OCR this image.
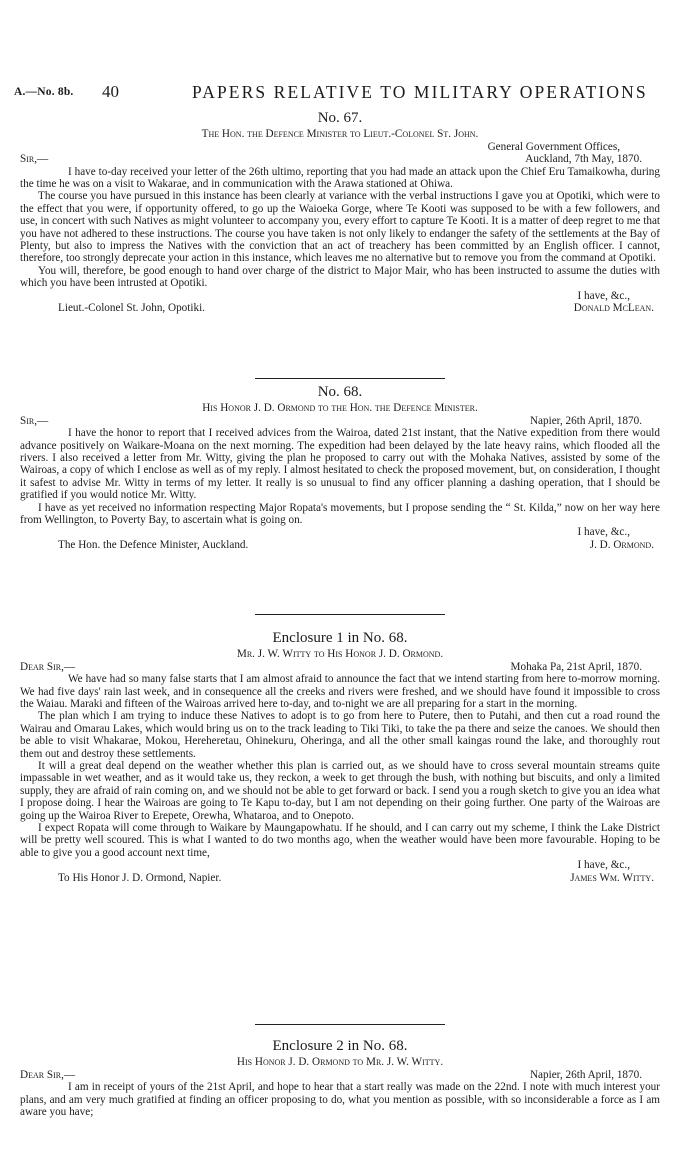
A.—No. 8b. 40	PAPERS RELATIVE TO MILITARY OPERATIONS
No. 67.
The Hon. the Defence Minister to Lieut.-Colonel St. John.
General Government Offices,
Sir,—	Auckland, 7th May, 1870.

I have to-day received your letter of the 26th ultimo, reporting that you had made an attack upon the Chief Eru Tamaikowha, during the time he was on a visit to Wakarae, and in communication with the Arawa stationed at Ohiwa.

The course you have pursued in this instance has been clearly at variance with the verbal instructions I gave you at Opotiki, which were to the effect that you were, if opportunity offered, to go up the Waioeka Gorge, where Te Kooti was supposed to be with a few followers, and use, in concert with such Natives as might volunteer to accompany you, every effort to capture Te Kooti. It is a matter of deep regret to me that you have not adhered to these instructions. The course you have taken is not only likely to endanger the safety of the settlements at the Bay of Plenty, but also to impress the Natives with the conviction that an act of treachery has been committed by an English officer. I cannot, therefore, too strongly deprecate your action in this instance, which leaves me no alternative but to remove you from the command at Opotiki.

You will, therefore, be good enough to hand over charge of the district to Major Mair, who has been instructed to assume the duties with which you have been intrusted at Opotiki.

I have, &c.,
Lieut.-Colonel St. John, Opotiki.	Donald McLean.
No. 68.
His Honor J. D. Ormond to the Hon. the Defence Minister.
Sir,—	Napier, 26th April, 1870.

I have the honor to report that I received advices from the Wairoa, dated 21st instant, that the Native expedition from there would advance positively on Waikare-Moana on the next morning. The expedition had been delayed by the late heavy rains, which flooded all the rivers. I also received a letter from Mr. Witty, giving the plan he proposed to carry out with the Mohaka Natives, assisted by some of the Wairoas, a copy of which I enclose as well as of my reply. I almost hesitated to check the proposed movement, but, on consideration, I thought it safest to advise Mr. Witty in terms of my letter. It really is so unusual to find any officer planning a dashing operation, that I should be gratified if you would notice Mr. Witty.

I have as yet received no information respecting Major Ropata's movements, but I propose sending the “ St. Kilda,” now on her way here from Wellington, to Poverty Bay, to ascertain what is going on.

I have, &c.,
The Hon. the Defence Minister, Auckland.	J. D. Ormond.
Enclosure 1 in No. 68.
Mr. J. W. Witty to His Honor J. D. Ormond.
Dear Sir,—	Mohaka Pa, 21st April, 1870.

We have had so many false starts that I am almost afraid to announce the fact that we intend starting from here to-morrow morning. We had five days' rain last week, and in consequence all the creeks and rivers were freshed, and we should have found it impossible to cross the Waiau. Maraki and fifteen of the Wairoas arrived here to-day, and to-night we are all preparing for a start in the morning.

The plan which I am trying to induce these Natives to adopt is to go from here to Putere, then to Putahi, and then cut a road round the Wairau and Omarau Lakes, which would bring us on to the track leading to Tiki Tiki, to take the pa there and seize the canoes. We should then be able to visit Whakarae, Mokou, Hereheretau, Ohinekuru, Oheringa, and all the other small kaingas round the lake, and thoroughly rout them out and destroy these settlements.

It will a great deal depend on the weather whether this plan is carried out, as we should have to cross several mountain streams quite impassable in wet weather, and as it would take us, they reckon, a week to get through the bush, with nothing but biscuits, and only a limited supply, they are afraid of rain coming on, and we should not be able to get forward or back. I send you a rough sketch to give you an idea what I propose doing. I hear the Wairoas are going to Te Kapu to-day, but I am not depending on their going further. One party of the Wairoas are going up the Wairoa River to Erepete, Orewha, Whataroa, and to Onepoto.

I expect Ropata will come through to Waikare by Maungapowhatu. If he should, and I can carry out my scheme, I think the Lake District will be pretty well scoured. This is what I wanted to do two months ago, when the weather would have been more favourable. Hoping to be able to give you a good account next time,

I have, &c.,
To His Honor J. D. Ormond, Napier.	James Wm. Witty.
Enclosure 2 in No. 68.
His Honor J. D. Ormond to Mr. J. W. Witty.
Dear Sir,—	Napier, 26th April, 1870.

I am in receipt of yours of the 21st April, and hope to hear that a start really was made on the 22nd. I note with much interest your plans, and am very much gratified at finding an officer proposing to do, what you mention as possible, with so inconsiderable a force as I am aware you have;
